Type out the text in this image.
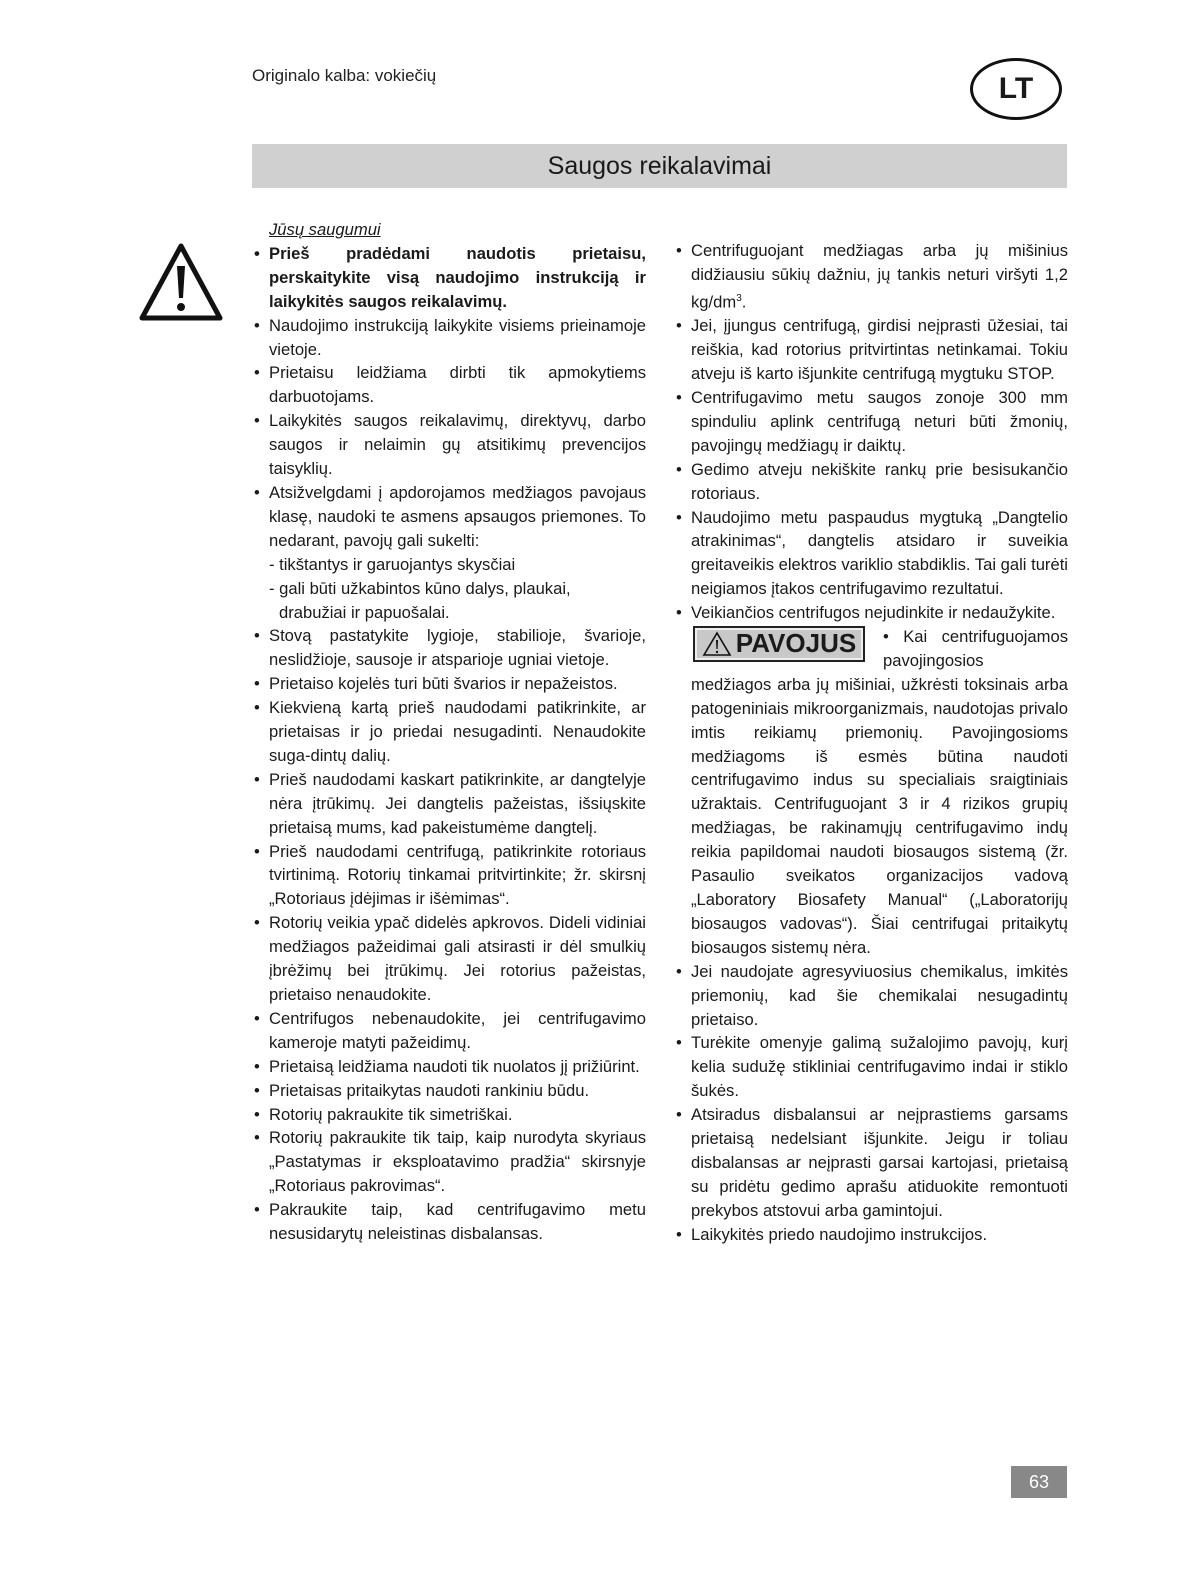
Originalo kalba: vokiečių	LT
Saugos reikalavimai
Jūsų saugumui
• Prieš pradėdami naudotis prietaisu, perskaitykite visą naudojimo instrukciją ir laikykitės saugos reikalavimų.
• Naudojimo instrukciją laikykite visiems prieinamoje vietoje.
• Prietaisu leidžiama dirbti tik apmokytiems darbuotojams.
• Laikykitės saugos reikalavimų, direktyvų, darbo saugos ir nelaimin gų atsitikimų prevencijos taisyklių.
• Atsižvelgdami į apdorojamos medžiagos pavojaus klasę, naudoki te asmens apsaugos priemones. To nedarant, pavojų gali sukelti:
- tikštantys ir garuojantys skysčiai
- gali būti užkabintos kūno dalys, plaukai,
drabužiai ir papuošalai.
• Stovą pastatykite lygioje, stabilioje, švarioje, neslidžioje, sausoje ir atsparioje ugniai vietoje.
• Prietaiso kojelės turi būti švarios ir nepažeistos.
• Kiekvieną kartą prieš naudodami patikrinkite, ar prietaisas ir jo priedai nesugadinti. Nenaudokite suga-dintų dalių.
• Prieš naudodami kaskart patikrinkite, ar dangtelyje nėra įtrūkimų. Jei dangtelis pažeistas, išsiųskite prietaisą mums, kad pakeistumėme dangtelį.
• Prieš naudodami centrifugą, patikrinkite rotoriaus tvirtinimą. Rotorių tinkamai pritvirtinkite; žr. skirsnį „Rotoriaus įdėjimas ir išėmimas“.
• Rotorių veikia ypač didelės apkrovos. Dideli vidiniai medžiagos pažeidimai gali atsirasti ir dėl smulkių įbrėžimų bei įtrūkimų. Jei rotorius pažeistas, prietaiso nenaudokite.
• Centrifugos nebenaudokite, jei centrifugavimo kameroje matyti pažeidimų.
• Prietaisą leidžiama naudoti tik nuolatos jį prižiūrint.
• Prietaisas pritaikytas naudoti rankiniu būdu.
• Rotorių pakraukite tik simetriškai.
• Rotorių pakraukite tik taip, kaip nurodyta skyriaus „Pastatymas ir eksploatavimo pradžia“ skirsnyje „Rotoriaus pakrovimas“.
• Pakraukite taip, kad centrifugavimo metu nesusidarytų neleistinas disbalansas.
• Centrifuguojant medžiagas arba jų mišinius didžiausiu sūkių dažniu, jų tankis neturi viršyti 1,2 $kg/dm^3$.
• Jei, įjungus centrifugą, girdisi neįprasti ūžesiai, tai reiškia, kad rotorius pritvirtintas netinkamai. Tokiu atveju iš karto išjunkite centrifugą mygtuku STOP.
• Centrifugavimo metu saugos zonoje 300 mm spinduliu aplink centrifugą neturi būti žmonių, pavojingų medžiagų ir daiktų.
• Gedimo atveju nekiškite rankų prie besisukančio rotoriaus.
• Naudojimo metu paspaudus mygtuką „Dangtelio atrakinimas“, dangtelis atsidaro ir suveikia greitaveikis elektros variklio stabdiklis. Tai gali turėti neigiamos įtakos centrifugavimo rezultatui.
• Veikiančios centrifugos nejudinkite ir nedaužykite.
PAVOJUS • Kai centrifuguojamos pavojingosios medžiagos arba jų mišiniai, užkrėsti toksinais arba patogeniniais mikroorganizmais, naudotojas privalo imtis reikiamų priemonių. Pavojingosioms medžiagoms iš esmės būtina naudoti centrifugavimo indus su specialiais sraigtiniais užraktais. Centrifuguojant 3 ir 4 rizikos grupių medžiagas, be rakinamųjų centrifugavimo indų reikia papildomai naudoti biosaugos sistemą (žr. Pasaulio sveikatos organizacijos vadovą „Laboratory Biosafety Manual“ („Laboratorijų biosaugos vadovas“). Šiai centrifugai pritaikytų biosaugos sistemų nėra.
• Jei naudojate agresyviuosius chemikalus, imkitės priemonių, kad šie chemikalai nesugadintų prietaiso.
• Turėkite omenyje galimą sužalojimo pavojų, kurį kelia sudužę stikliniai centrifugavimo indai ir stiklo šukės.
• Atsiradus disbalansui ar neįprastiems garsams prietaisą nedelsiant išjunkite. Jeigu ir toliau disbalansas ar neįprasti garsai kartojasi, prietaisą su pridėtu gedimo aprašu atiduokite remontuoti prekybos atstovui arba gamintojui.
• Laikykitės priedo naudojimo instrukcijos.
63
